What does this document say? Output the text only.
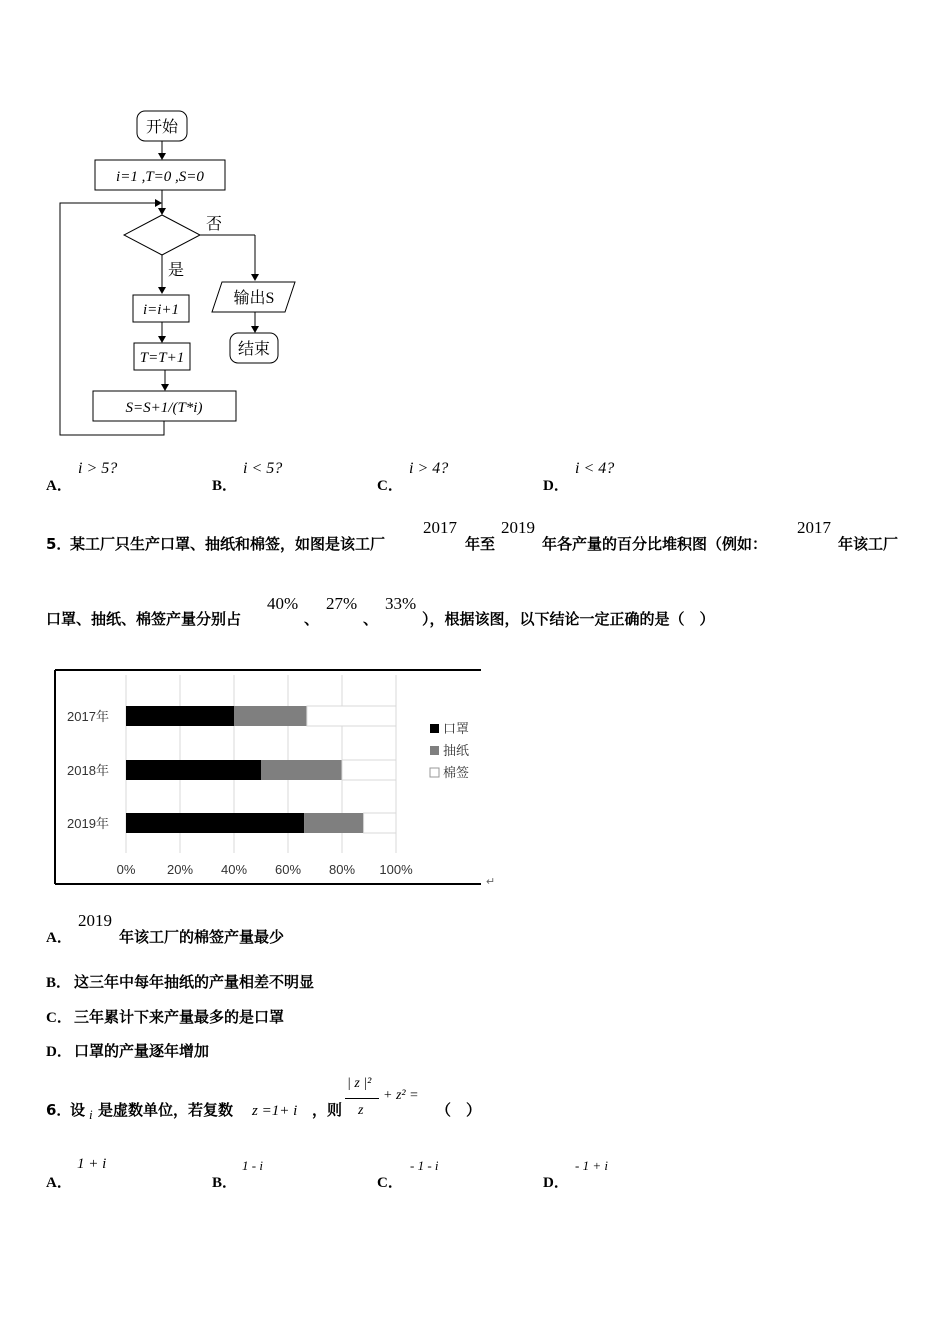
开始
i=1 ,T=0 ,S=0
否
输出S
结束
是
i=i+1
T=T+1
S=S+1/(T*i)
A．
i > 5?
B．
i < 5?
C．
i > 4?
D．
i < 4?
5．
某工厂只生产口罩、抽纸和棉签，如图是该工厂
2017
年至
2019
年各产量的百分比堆积图（例如：
2017
年该工厂
口罩、抽纸、棉签产量分别占
40%
、
27%
、
33%
），根据该图，以下结论一定正确的是（　）
2017年
2018年
2019年
0% 20% 40% 60% 80% 100%
口罩
抽纸
棉签
↵
A．
2019
年该工厂的棉签产量最少
B． 这三年中每年抽纸的产量相差不明显
C． 三年累计下来产量最多的是口罩
D． 口罩的产量逐年增加
6．
设 i 是虚数单位，若复数 z =1+ i ，则
| z |²
z
+ z² =
（　）
A．
1 + i
B．
1 - i
C．
- 1 - i
D．
- 1 + i
